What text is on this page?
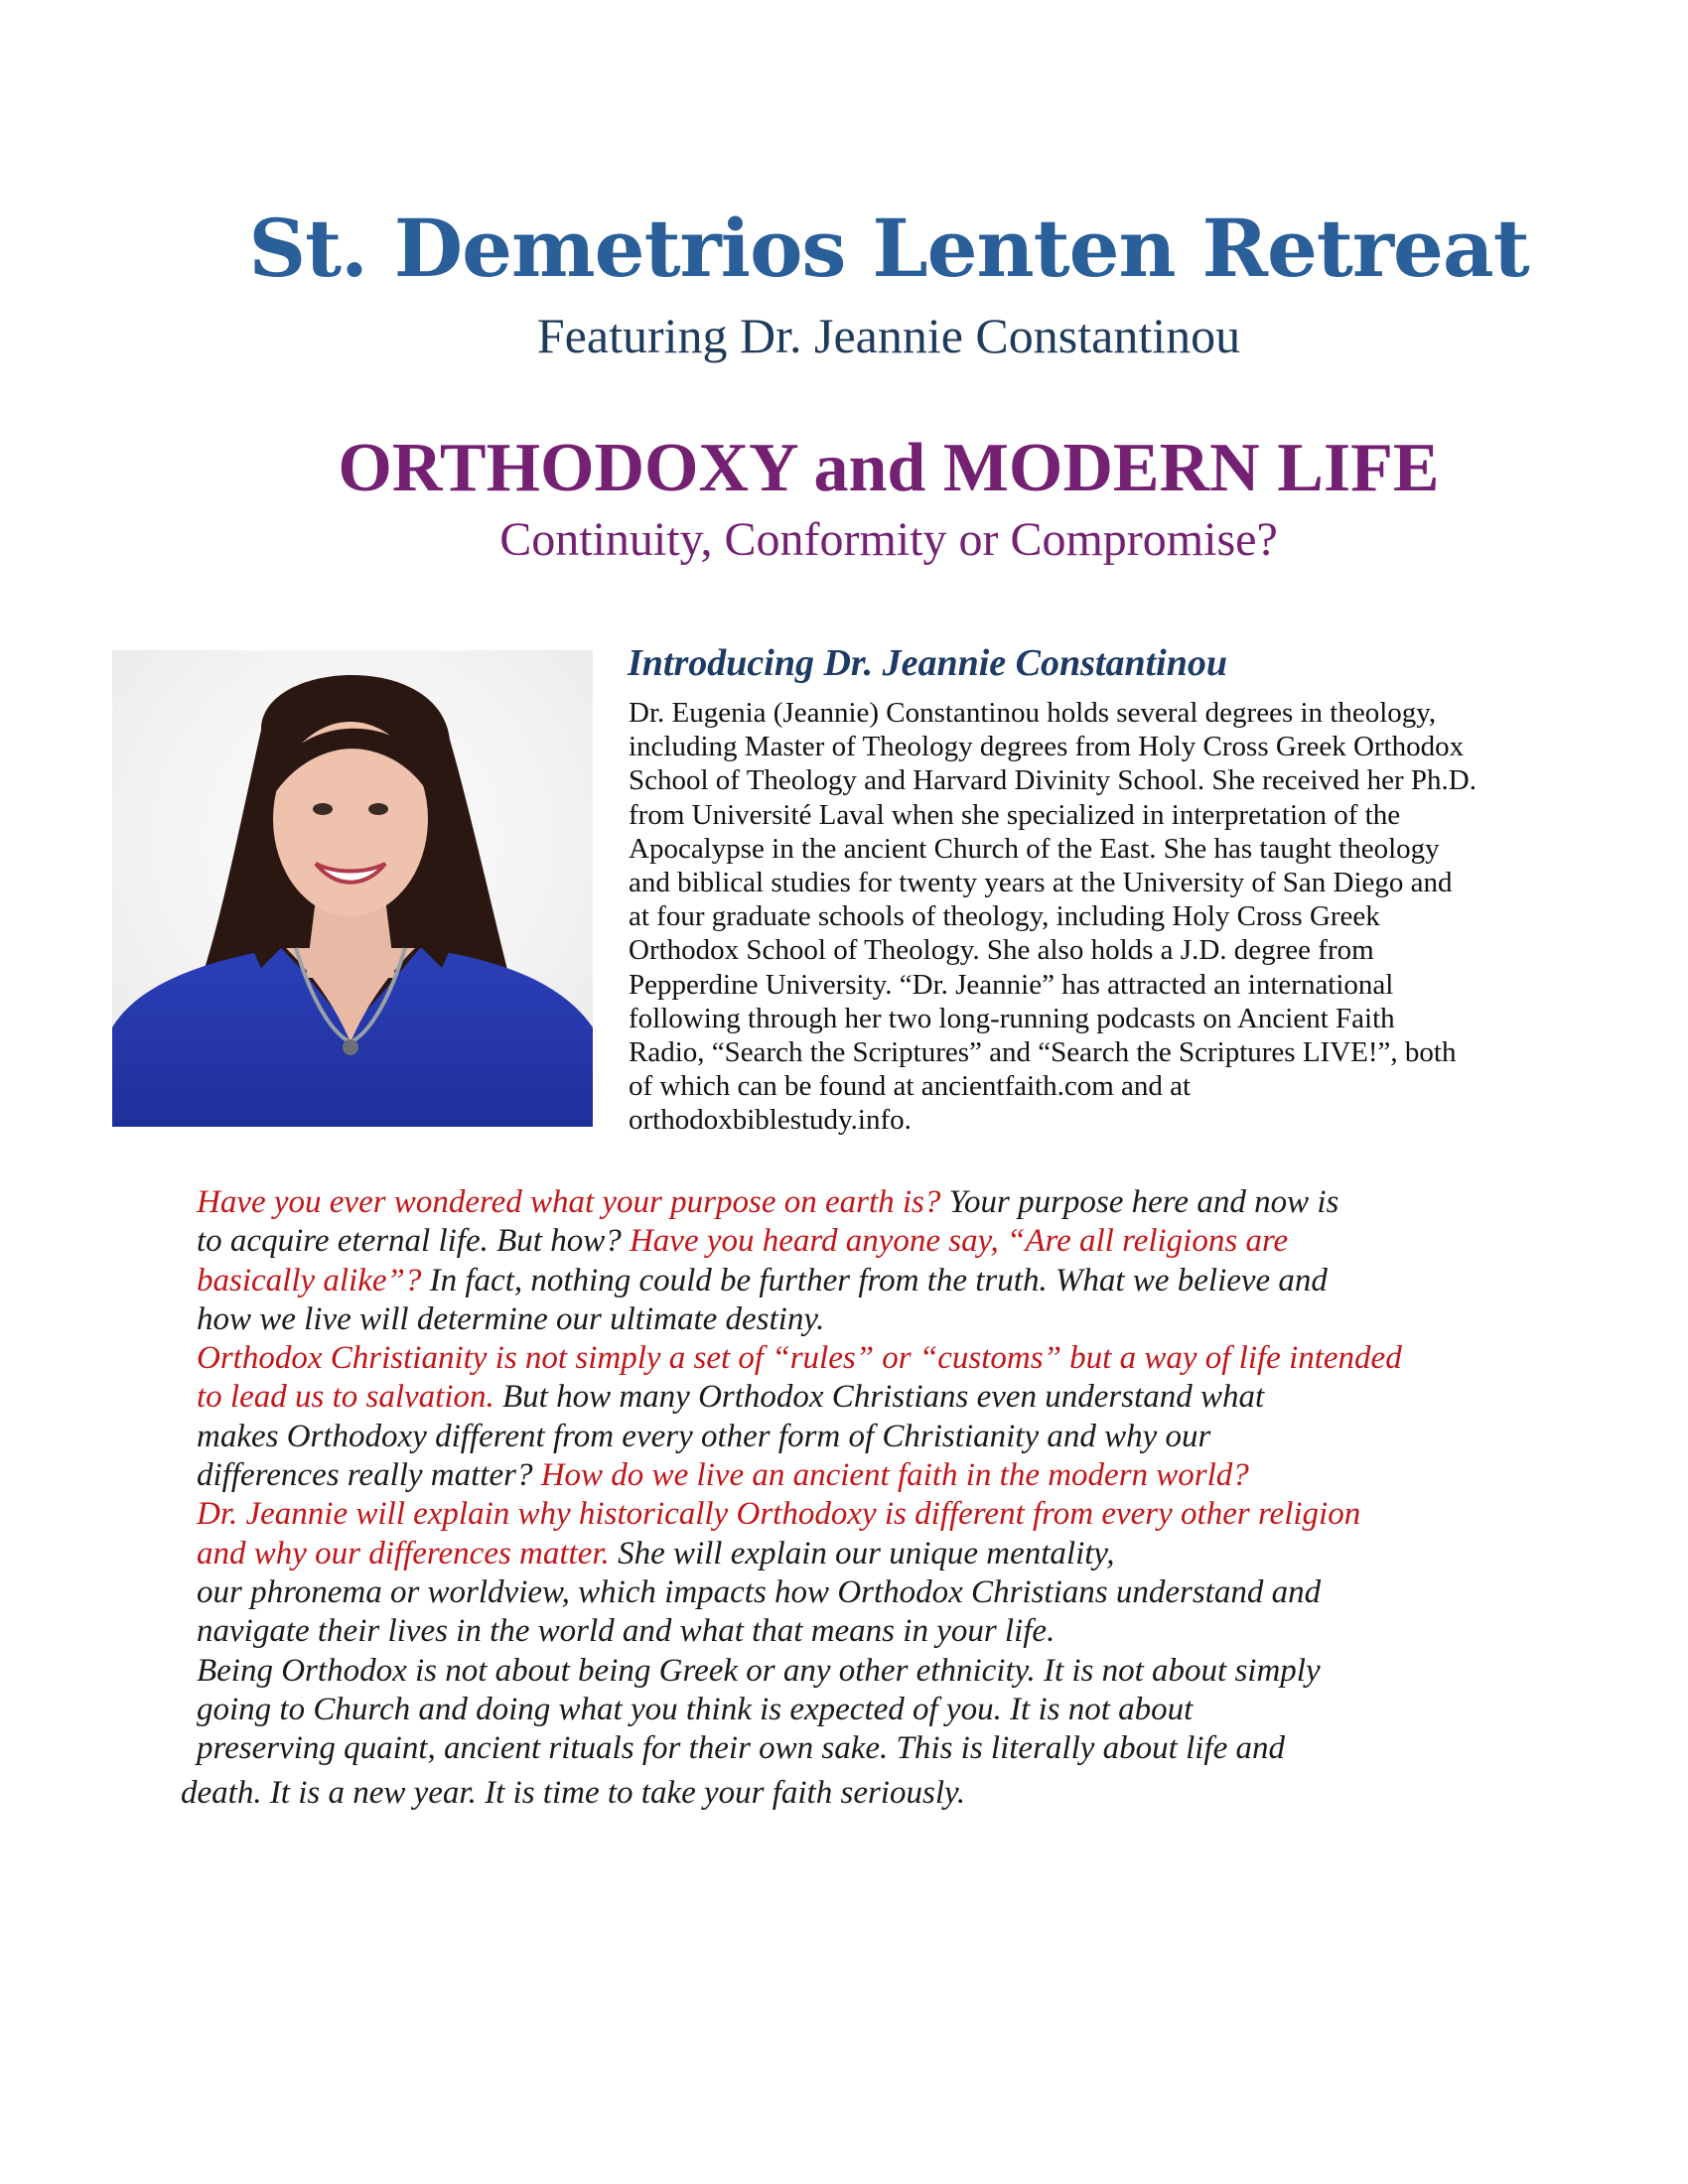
St. Demetrios Lenten Retreat
Featuring Dr. Jeannie Constantinou
ORTHODOXY and MODERN LIFE
Continuity, Conformity or Compromise?
Introducing Dr. Jeannie Constantinou
Dr. Eugenia (Jeannie) Constantinou holds several degrees in theology,
including Master of Theology degrees from Holy Cross Greek Orthodox
School of Theology and Harvard Divinity School. She received her Ph.D.
from Université Laval when she specialized in interpretation of the
Apocalypse in the ancient Church of the East. She has taught theology
and biblical studies for twenty years at the University of San Diego and
at four graduate schools of theology, including Holy Cross Greek
Orthodox School of Theology. She also holds a J.D. degree from
Pepperdine University. “Dr. Jeannie” has attracted an international
following through her two long-running podcasts on Ancient Faith
Radio, “Search the Scriptures” and “Search the Scriptures LIVE!”, both
of which can be found at ancientfaith.com and at
orthodoxbiblestudy.info.
Have you ever wondered what your purpose on earth is? Your purpose here and now is
to acquire eternal life. But how? Have you heard anyone say, “Are all religions are
basically alike”? In fact, nothing could be further from the truth. What we believe and
how we live will determine our ultimate destiny.
Orthodox Christianity is not simply a set of “rules” or “customs” but a way of life intended
to lead us to salvation. But how many Orthodox Christians even understand what
makes Orthodoxy different from every other form of Christianity and why our
differences really matter? How do we live an ancient faith in the modern world?
Dr. Jeannie will explain why historically Orthodoxy is different from every other religion
and why our differences matter. She will explain our unique mentality,
our phronema or worldview, which impacts how Orthodox Christians understand and
navigate their lives in the world and what that means in your life.
Being Orthodox is not about being Greek or any other ethnicity. It is not about simply
going to Church and doing what you think is expected of you. It is not about
preserving quaint, ancient rituals for their own sake. This is literally about life and
death. It is a new year. It is time to take your faith seriously.
